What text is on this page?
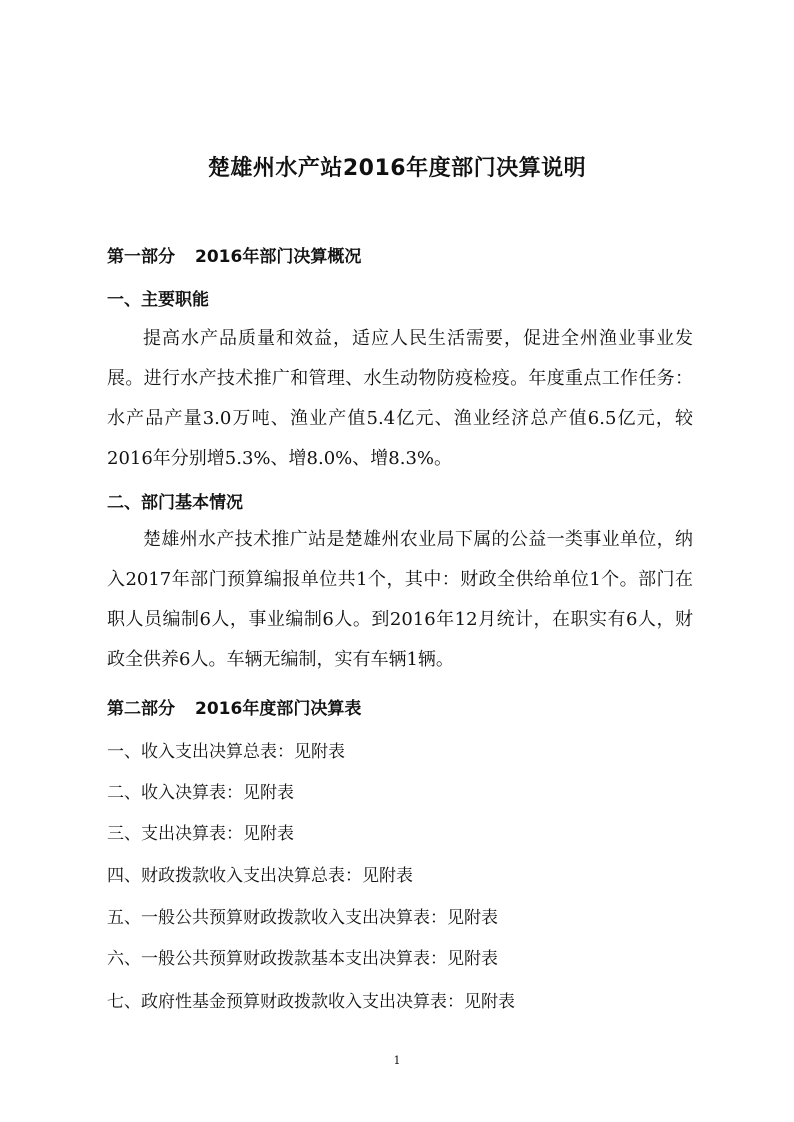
楚雄州水产站2016年度部门决算说明
第一部分 2016年部门决算概况
一、主要职能

提高水产品质量和效益，适应人民生活需要，促进全州渔业事业发展。进行水产技术推广和管理、水生动物防疫检疫。年度重点工作任务：水产品产量3.0万吨、渔业产值5.4亿元、渔业经济总产值6.5亿元，较2016年分别增5.3%、增8.0%、增8.3%。

二、部门基本情况

楚雄州水产技术推广站是楚雄州农业局下属的公益一类事业单位，纳入2017年部门预算编报单位共1个，其中：财政全供给单位1个。部门在职人员编制6人，事业编制6人。到2016年12月统计，在职实有6人，财政全供养6人。车辆无编制，实有车辆1辆。

第二部分 2016年度部门决算表

一、收入支出决算总表：见附表

二、收入决算表：见附表

三、支出决算表：见附表

四、财政拨款收入支出决算总表：见附表

五、一般公共预算财政拨款收入支出决算表：见附表

六、一般公共预算财政拨款基本支出决算表：见附表

七、政府性基金预算财政拨款收入支出决算表：见附表

1
